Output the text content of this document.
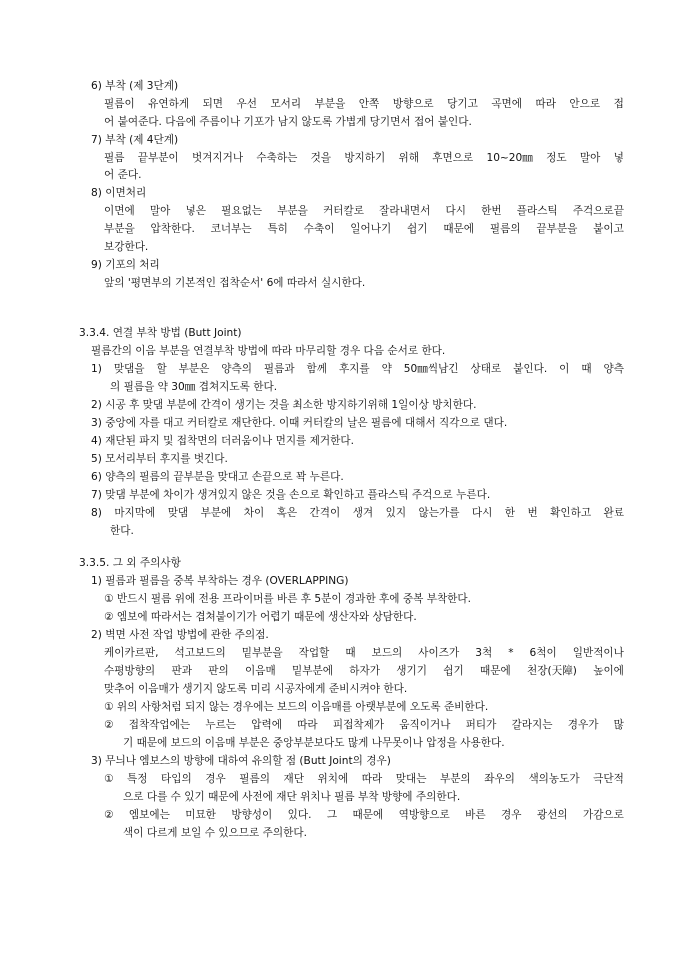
6) 부착 (제 3단계)
필름이 유연하게 되면 우선 모서리 부분을 안쪽 방향으로 당기고 곡면에 따라 안으로 접
어 붙여준다. 다음에 주름이나 기포가 남지 않도록 가볍게 당기면서 접어 붙인다.
7) 부착 (제 4단계)
필름 끝부분이 벗겨지거나 수축하는 것을 방지하기 위해 후면으로 10~20㎜ 정도 말아 넣
어 준다.
8) 이면처리
이면에 말아 넣은 필요없는 부분을 커터칼로 잘라내면서 다시 한번 플라스틱 주걱으로끝
부분을 압착한다. 코너부는 특히 수축이 일어나기 쉽기 때문에 필름의 끝부분을 붙이고
보강한다.
9) 기포의 처리
앞의 '평면부의 기본적인 접착순서' 6에 따라서 실시한다.
3.3.4. 연결 부착 방법 (Butt Joint)
필름간의 이음 부분을 연결부착 방법에 따라 마무리할 경우 다음 순서로 한다.
1) 맞댐을 할 부분은 양측의 필름과 함께 후지를 약 50㎜씩남긴 상태로 붙인다. 이 때 양측
의 필름을 약 30㎜ 겹쳐지도록 한다.
2) 시공 후 맞댐 부분에 간격이 생기는 것을 최소한 방지하기위해 1일이상 방치한다.
3) 중앙에 자를 대고 커터칼로 재단한다. 이때 커터칼의 날은 필름에 대해서 직각으로 댄다.
4) 재단된 파지 및 접착면의 더러움이나 먼지를 제거한다.
5) 모서리부터 후지를 벗긴다.
6) 양측의 필름의 끝부분을 맞대고 손끝으로 꽉 누른다.
7) 맞댐 부분에 차이가 생겨있지 않은 것을 손으로 확인하고 플라스틱 주걱으로 누른다.
8) 마지막에 맞댐 부분에 차이 혹은 간격이 생겨 있지 않는가를 다시 한 번 확인하고 완료
한다.
3.3.5. 그 외 주의사항
1) 필름과 필름을 중복 부착하는 경우 (OVERLAPPING)
① 반드시 필름 위에 전용 프라이머를 바른 후 5분이 경과한 후에 중복 부착한다.
② 엠보에 따라서는 겹쳐붙이기가 어렵기 때문에 생산자와 상담한다.
2) 벽면 사전 작업 방법에 관한 주의점.
케이카르판, 석고보드의 밑부분을 작업할 때 보드의 사이즈가 3척 * 6척이 일반적이나
수평방향의 판과 판의 이음매 밑부분에 하자가 생기기 쉽기 때문에 천장(天障) 높이에
맞추어 이음매가 생기지 않도록 미리 시공자에게 준비시켜야 한다.
① 위의 사항처럼 되지 않는 경우에는 보드의 이음매를 아랫부분에 오도록 준비한다.
② 접착작업에는 누르는 압력에 따라 피접착제가 움직이거나 퍼티가 갈라지는 경우가 많
기 때문에 보드의 이음매 부분은 중앙부분보다도 많게 나무못이나 압정을 사용한다.
3) 무늬나 엠보스의 방향에 대하여 유의할 점 (Butt Joint의 경우)
① 특정 타입의 경우 필름의 재단 위치에 따라 맞대는 부분의 좌우의 색의농도가 극단적
으로 다를 수 있기 때문에 사전에 재단 위치나 필름 부착 방향에 주의한다.
② 엠보에는 미묘한 방향성이 있다. 그 때문에 역방향으로 바른 경우 광선의 가감으로
색이 다르게 보일 수 있으므로 주의한다.
